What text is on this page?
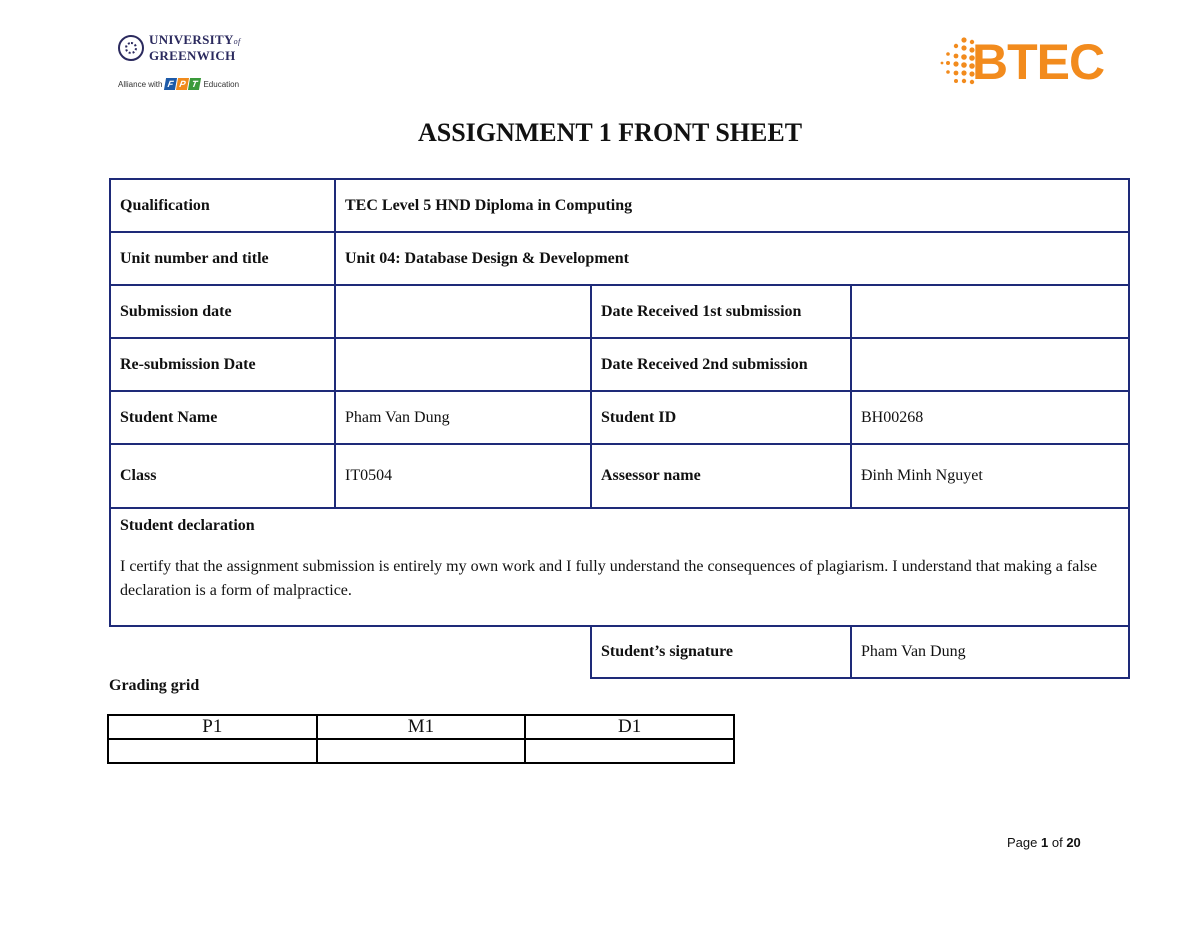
UNIVERSITYof
GREENWICH
Alliance with F P T Education	BTEC
ASSIGNMENT 1 FRONT SHEET
Qualification	TEC Level 5 HND Diploma in Computing		
Unit number and title	Unit 04: Database Design & Development		
Submission date		Date Received 1st submission	
Re-submission Date		Date Received 2nd submission	
Student Name	Pham Van Dung	Student ID	BH00268
Class	IT0504	Assessor name	Đinh Minh Nguyet

Student declaration
I certify that the assignment submission is entirely my own work and I fully understand the consequences of plagiarism. I understand that making a false declaration is a form of malpractice.			

		Student’s signature	Pham Van Dung
Grading grid
P1	M1	D1

Page 1 of 20
